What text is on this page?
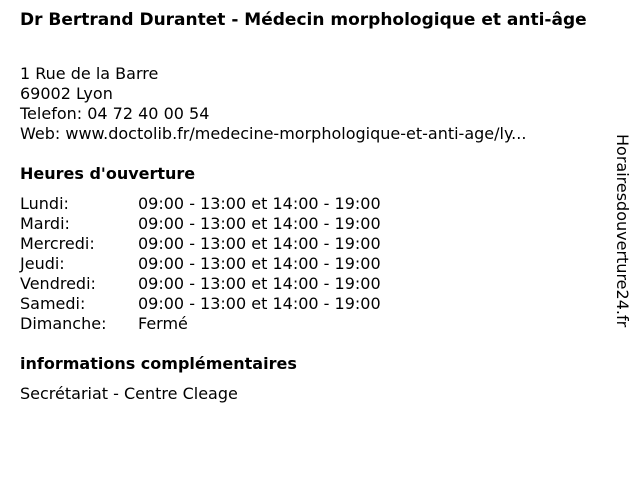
Dr Bertrand Durantet - Médecin morphologique et anti-âge
1 Rue de la Barre
69002 Lyon
Telefon: 04 72 40 00 54
Web: www.doctolib.fr/medecine-morphologique-et-anti-age/ly...
Heures d'ouverture
Lundi:	09:00 - 13:00 et 14:00 - 19:00
Mardi:	09:00 - 13:00 et 14:00 - 19:00
Mercredi:	09:00 - 13:00 et 14:00 - 19:00
Jeudi:	09:00 - 13:00 et 14:00 - 19:00
Vendredi:	09:00 - 13:00 et 14:00 - 19:00
Samedi:	09:00 - 13:00 et 14:00 - 19:00
Dimanche:	Fermé
informations complémentaires
Secrétariat - Centre Cleage
Horairesdouverture24.fr
